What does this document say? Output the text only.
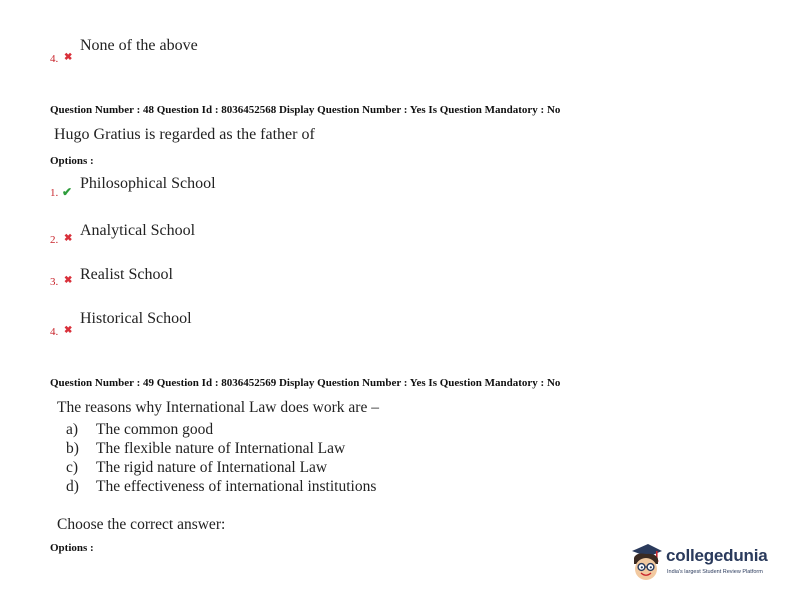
4. ✖
None of the above
Question Number : 48 Question Id : 8036452568 Display Question Number : Yes Is Question Mandatory : No
Hugo Gratius is regarded as the father of
Options :
1. ✔ Philosophical School
2. ✖ Analytical School
3. ✖ Realist School
4. ✖
Historical School
Question Number : 49 Question Id : 8036452569 Display Question Number : Yes Is Question Mandatory : No
The reasons why International Law does work are –
a) The common good
b) The flexible nature of International Law
c) The rigid nature of International Law
d) The effectiveness of international institutions
Choose the correct answer:
Options :	collegedunia
India's largest Student Review Platform
